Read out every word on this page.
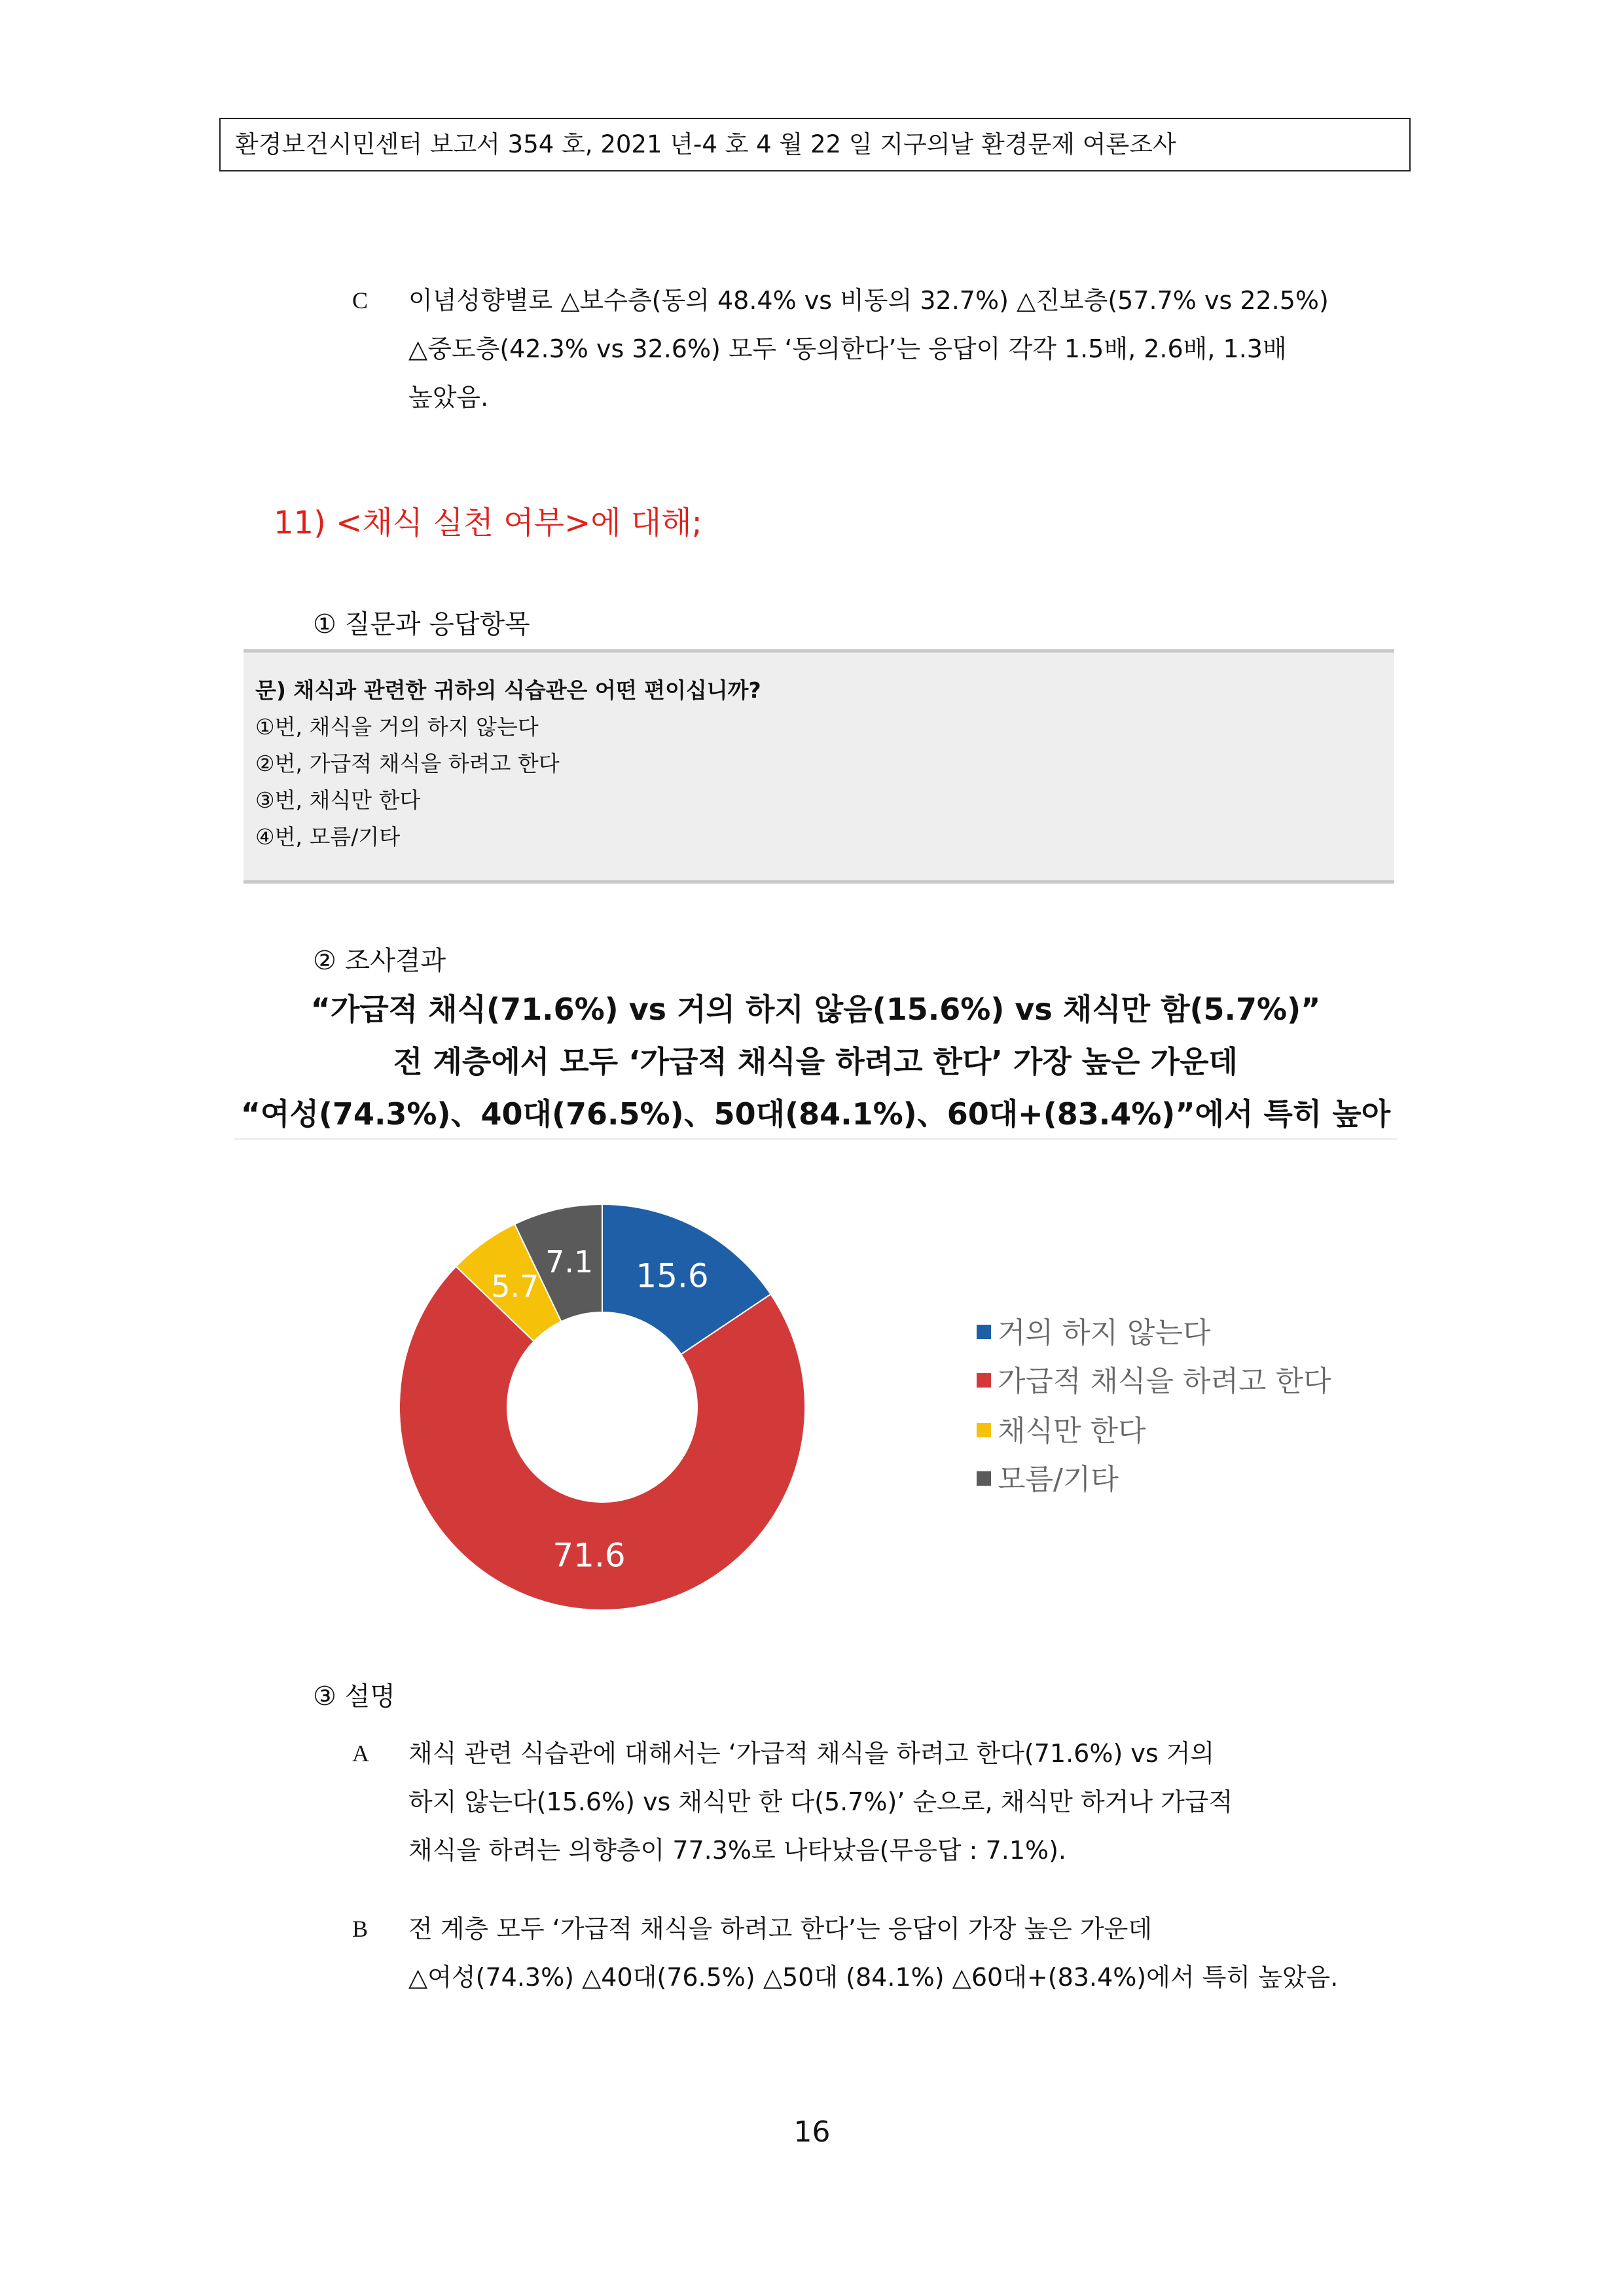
환경보건시민센터 보고서 354 호, 2021 년-4 호 4 월 22 일 지구의날 환경문제 여론조사
C 이념성향별로 △보수층(동의 48.4% vs 비동의 32.7%) △진보층(57.7% vs 22.5%)
△중도층(42.3% vs 32.6%) 모두 ‘동의한다’는 응답이 각각 1.5배, 2.6배, 1.3배
높았음.
11) <채식 실천 여부>에 대해;
① 질문과 응답항목
문) 채식과 관련한 귀하의 식습관은 어떤 편이십니까?
①번, 채식을 거의 하지 않는다
②번, 가급적 채식을 하려고 한다
③번, 채식만 한다
④번, 모름/기타
② 조사결과
“가급적 채식(71.6%) vs 거의 하지 않음(15.6%) vs 채식만 함(5.7%)”
전 계층에서 모두 ‘가급적 채식을 하려고 한다’ 가장 높은 가운데
“여성(74.3%)、40대(76.5%)、50대(84.1%)、60대+(83.4%)”에서 특히 높아
15.6
71.6
5.7
7.1
거의 하지 않는다
가급적 채식을 하려고 한다
채식만 한다
모름/기타
③ 설명
A 채식 관련 식습관에 대해서는 ‘가급적 채식을 하려고 한다(71.6%) vs 거의
하지 않는다(15.6%) vs 채식만 한 다(5.7%)’ 순으로, 채식만 하거나 가급적
채식을 하려는 의향층이 77.3%로 나타났음(무응답 : 7.1%).
B 전 계층 모두 ‘가급적 채식을 하려고 한다’는 응답이 가장 높은 가운데
△여성(74.3%) △40대(76.5%) △50대 (84.1%) △60대+(83.4%)에서 특히 높았음.
16
